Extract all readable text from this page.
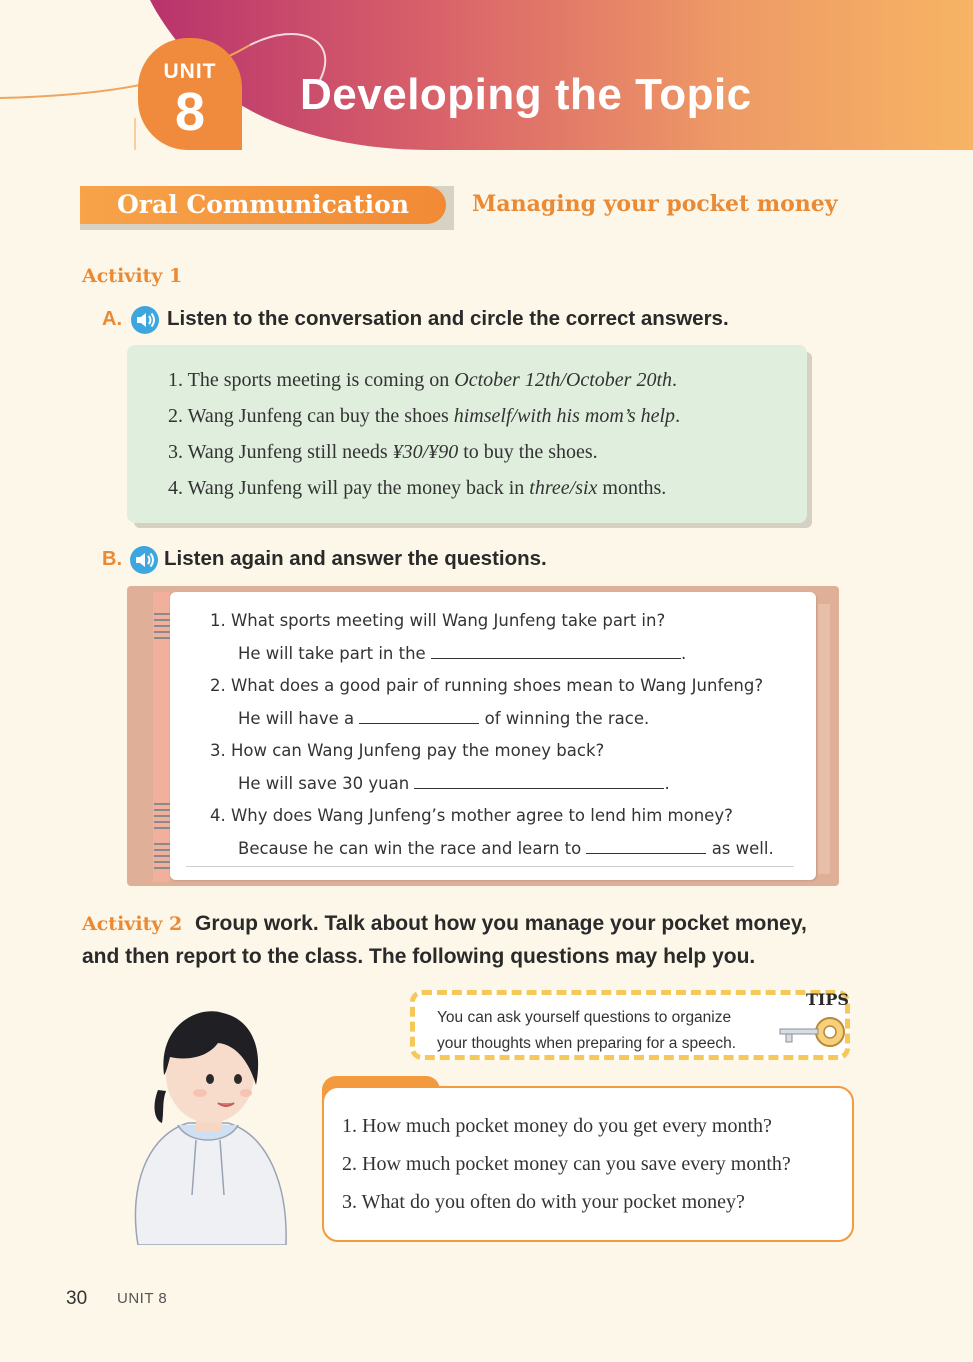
UNIT
8	Developing the Topic
Oral Communication	Managing your pocket money
Activity 1
A. Listen to the conversation and circle the correct answers.
1. The sports meeting is coming on October 12th/October 20th.
2. Wang Junfeng can buy the shoes himself/with his mom’s help.
3. Wang Junfeng still needs ¥30/¥90 to buy the shoes.
4. Wang Junfeng will pay the money back in three/six months.
B. Listen again and answer the questions.
1. What sports meeting will Wang Junfeng take part in?
He will take part in the	.
2. What does a good pair of running shoes mean to Wang Junfeng?
He will have a	of winning the race.
3. How can Wang Junfeng pay the money back?
He will save 30 yuan	.
4. Why does Wang Junfeng’s mother agree to lend him money?
Because he can win the race and learn to	as well.
Activity 2 Group work. Talk about how you manage your pocket money,
and then report to the class. The following questions may help you.
TIPS
You can ask yourself questions to organize
your thoughts when preparing for a speech.
1. How much pocket money do you get every month?
2. How much pocket money can you save every month?
3. What do you often do with your pocket money?
30 UNIT 8
